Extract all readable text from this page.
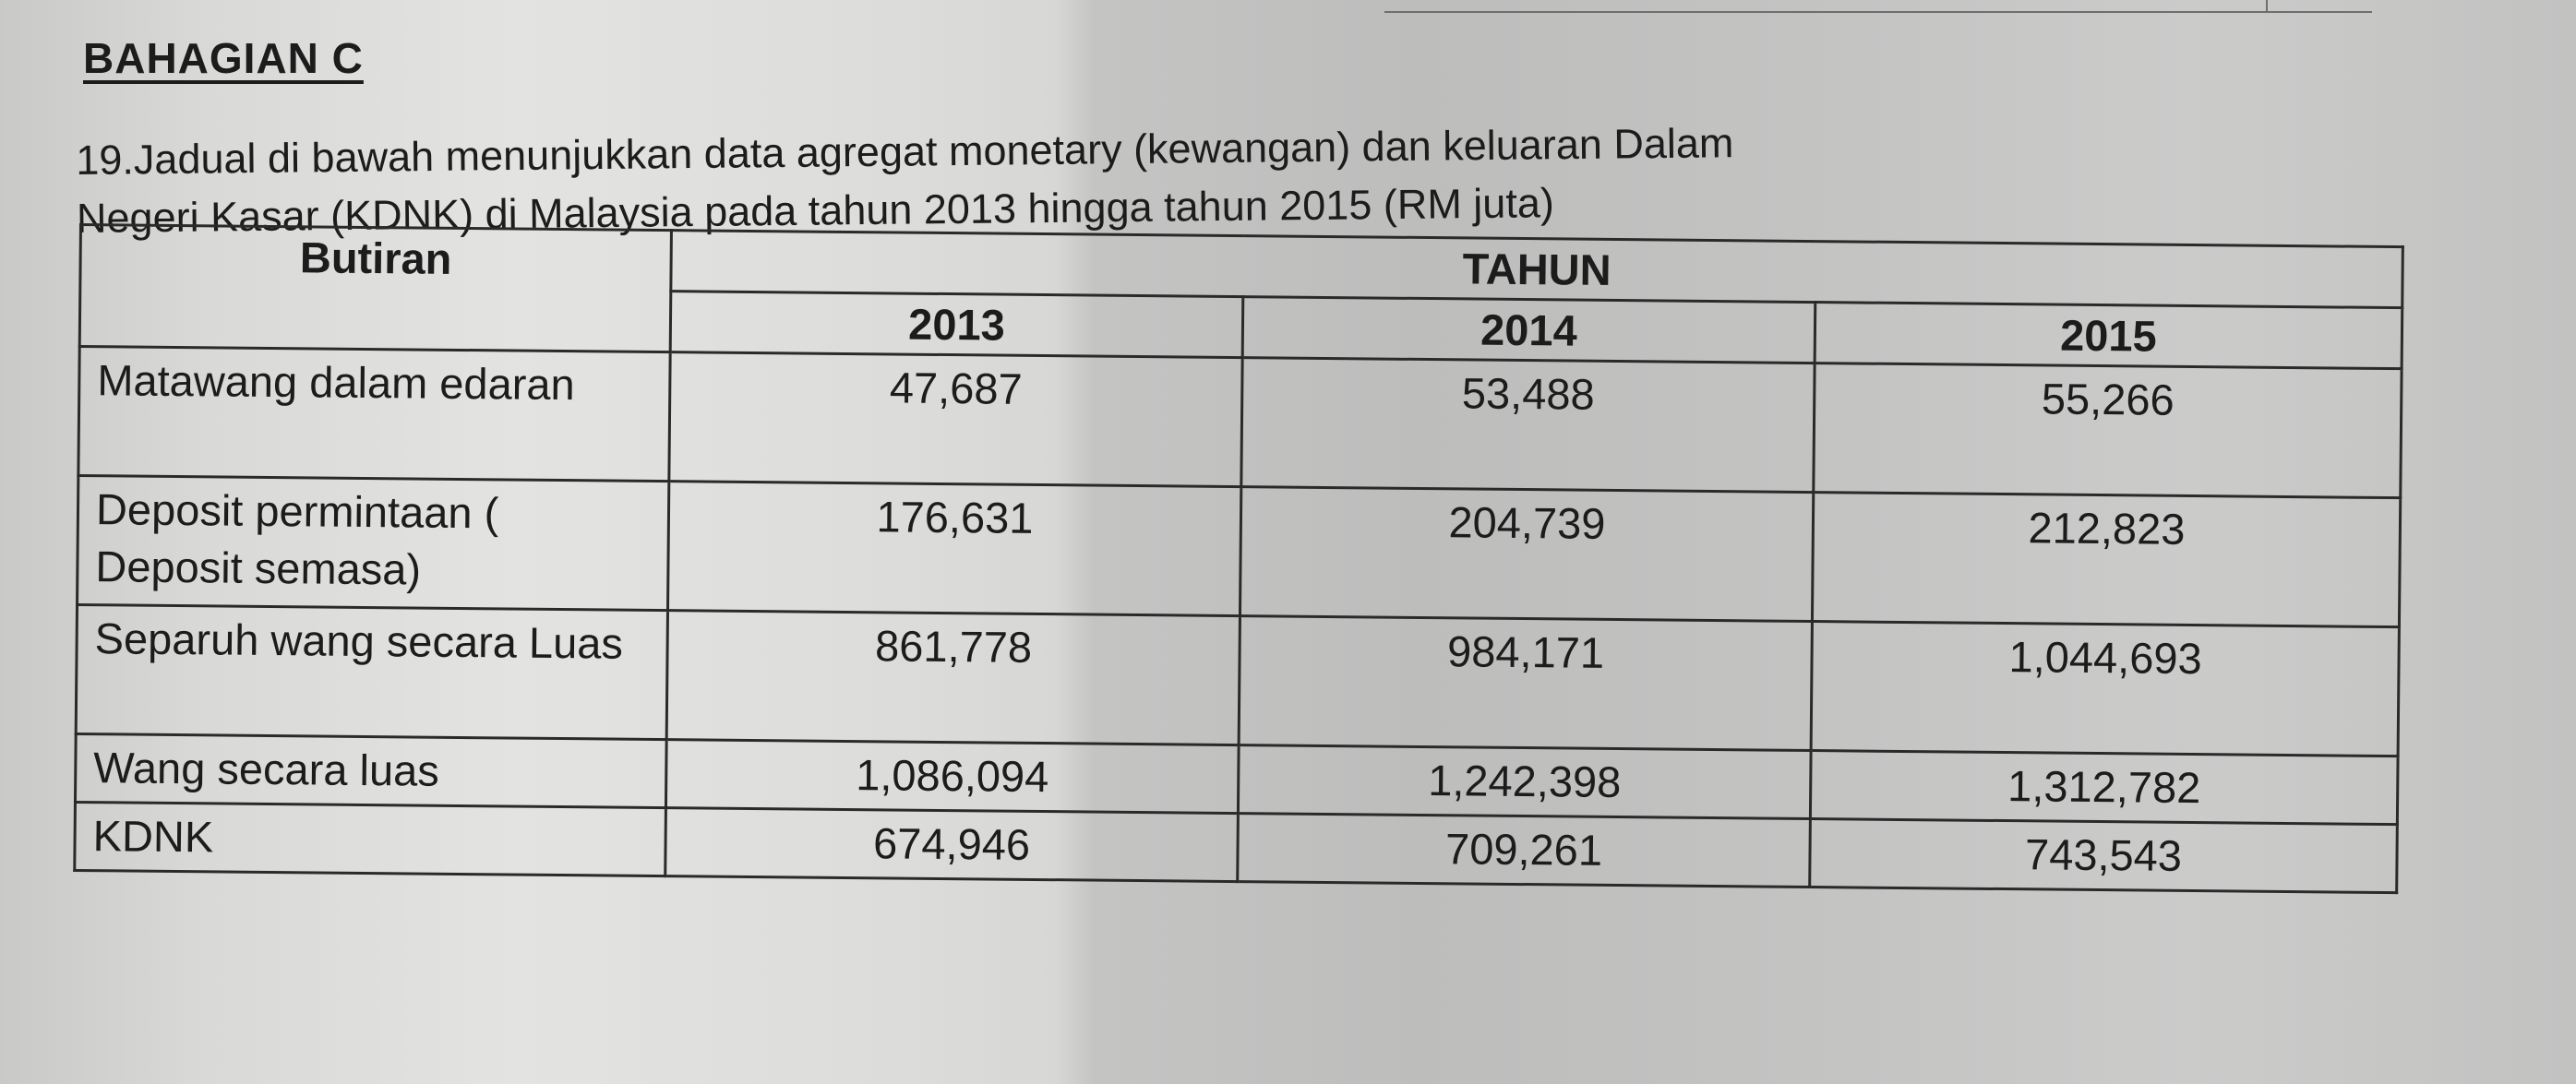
BAHAGIAN C
19.Jadual di bawah menunjukkan data agregat monetary (kewangan) dan keluaran Dalam
Negeri Kasar (KDNK) di Malaysia pada tahun 2013 hingga tahun 2015 (RM juta)
Butiran	TAHUN		
	2013	2014	2015
Matawang dalam edaran	47,687	53,488	55,266
Deposit permintaan ( Deposit semasa)	176,631	204,739	212,823
Separuh wang secara Luas	861,778	984,171	1,044,693
Wang secara luas	1,086,094	1,242,398	1,312,782
KDNK	674,946	709,261	743,543
